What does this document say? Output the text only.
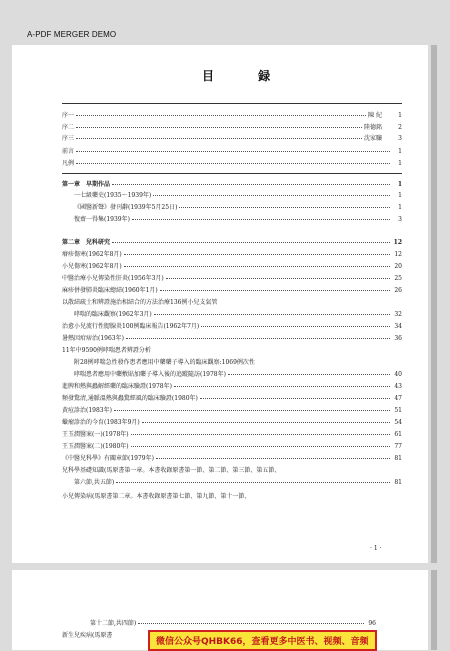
A-PDF MERGER DEMO
目 録
序一	陳 紀	1
序二	陸德銘	2
序三	沈家驤	3
前言	1
凡例	1
第一章　早期作品	1
一七級藥史(1935～1939年)	1
《國醫新聲》發刊辭(1939年5月25日)	1
復齋一得集(1939年)	3
第二章　兒科研究	12
瘄疹傷寒(1962年8月)	12
小兒傷寒(1962年8月)	20
中醫治療小兒傳染性肝炎(1956年3月)	25
麻疹併發肺炎臨床總結(1960年1月)	26
以散結疏土和辨證施治相結合的方法治療136例小兒支氣管
　　哮喘的臨床觀察(1962年3月)	32
治愈小兒流行性腮腺炎100例臨床報告(1962年7月)	34
暑熱因疳痞治(1963年)	36
11年中9590例哮喘患者辨證分析
　　附28例哮喘急性發作患者應用中藥藥子導入的臨床觀察:1069例次性
　　哮喘患者應用中藥敷貼加藥子導入後的追蹤隨訪(1978年)	40
進脾和熱與蟲解經藥的臨床驗證(1978年)	43
頻發驚清,通脈溫熱與蟲驚經風的臨床驗證(1980年)	47
黄痘診治(1983年)	51
蠟瘤診治的今育(1983年9月)	54
王玉潤醫案(一)(1978年)	61
王玉潤醫案(二)(1980年)	77
《中醫兒科學》有關章節(1979年)	81
兒科學基礎知識(馬原書第一章。本書收錄原書第一節、第二節、第三節、第五節、
　　第六節,共五節)	81
小兒傳染病(馬原書第二章。本書收錄原書第七節、第九節、第十一節、
· 1 ·
第十二節,共四節)	96
新生兒疾病(馬原書
微信公众号QHBK66，查看更多中医书、视频、音频
